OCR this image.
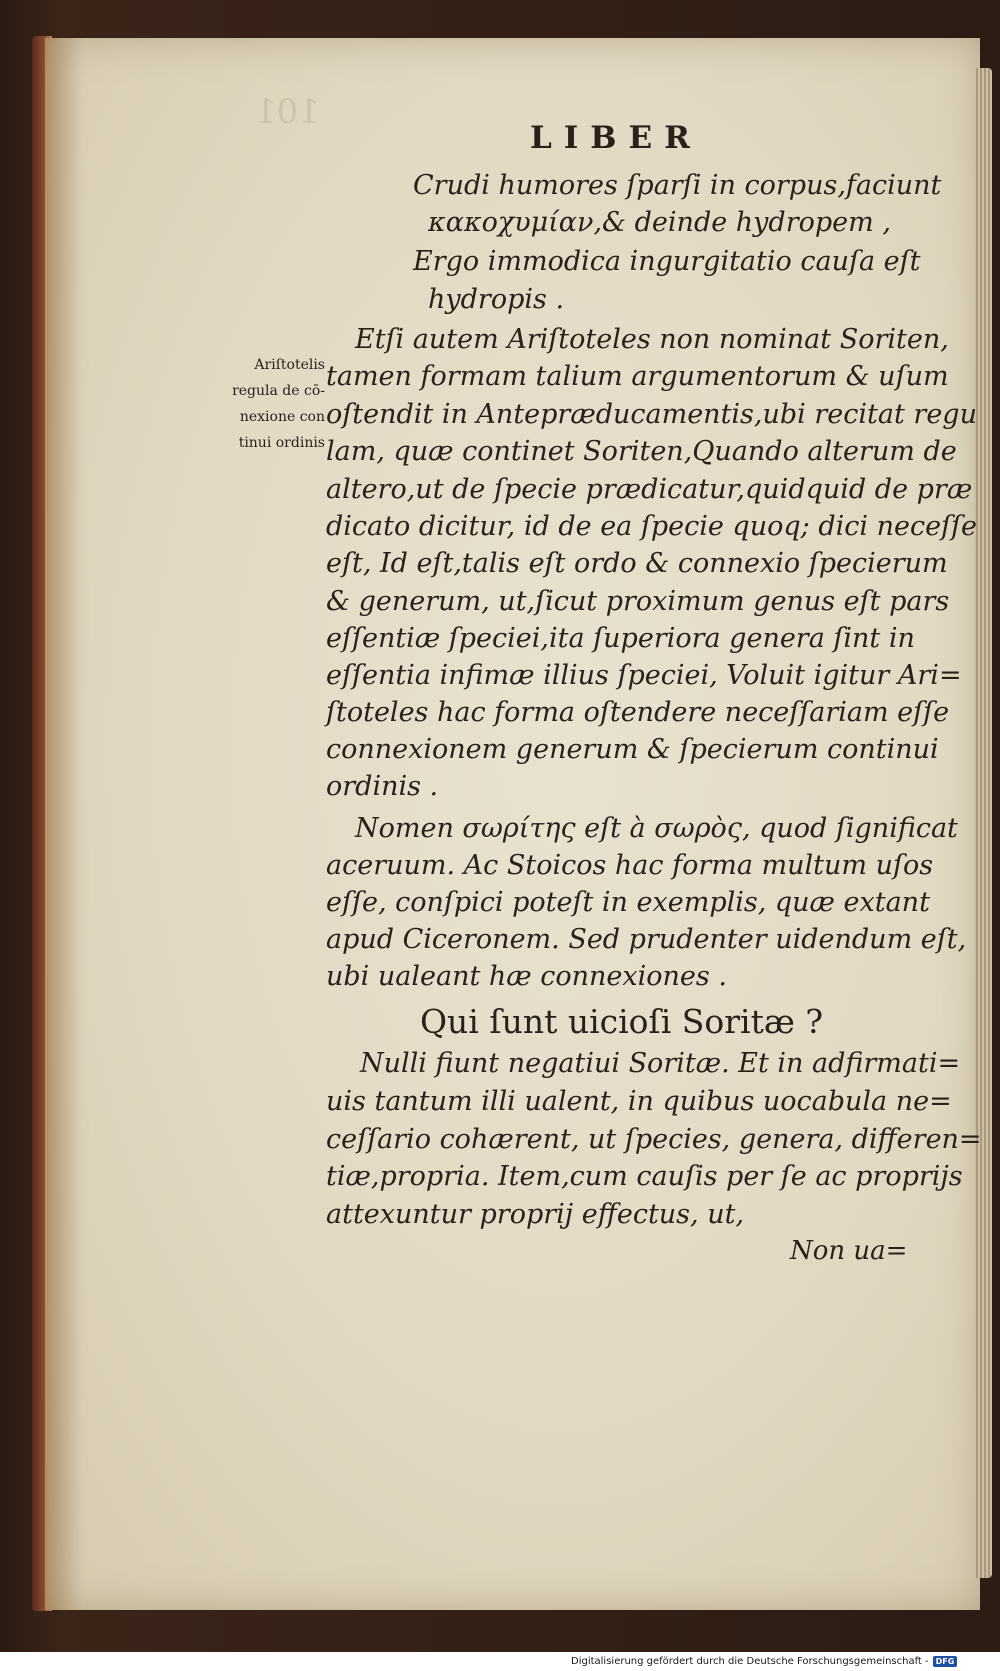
101
LIBER
Crudi humores ſparſi in corpus,faciunt
κακοχυμίαν,& deinde hydropem ,
Ergo immodica ingurgitatio cauſa eſt
hydropis .
Ariſtotelis
regula de cō-
nexione con
tinui ordinis
Etſi autem Ariſtoteles non nominat Soriten,
tamen formam talium argumentorum & uſum
oſtendit in Antepræducamentis,ubi recitat regu
lam, quæ continet Soriten,Quando alterum de
altero,ut de ſpecie prædicatur,quidquid de præ
dicato dicitur, id de ea ſpecie quoq; dici neceſſe
eſt, Id eſt,talis eſt ordo & connexio ſpecierum
& generum, ut,ſicut proximum genus eſt pars
eſſentiæ ſpeciei,ita ſuperiora genera ſint in
eſſentia infimæ illius ſpeciei, Voluit igitur Ari=
ſtoteles hac forma oſtendere neceſſariam eſſe
connexionem generum & ſpecierum continui
ordinis .
Nomen σωρίτης eſt à σωρὸς, quod ſignificat
aceruum. Ac Stoicos hac forma multum uſos
eſſe, conſpici poteſt in exemplis, quæ extant
apud Ciceronem. Sed prudenter uidendum eſt,
ubi ualeant hæ connexiones .
Qui ſunt uicioſi Soritæ ?
Nulli fiunt negatiui Soritæ. Et in adfirmati=
uis tantum illi ualent, in quibus uocabula ne=
ceſſario cohærent, ut ſpecies, genera, differen=
tiæ,propria. Item,cum cauſis per ſe ac proprijs
attexuntur proprij effectus, ut,
Non ua=
Digitalisierung gefördert durch die Deutsche Forschungsgemeinschaft - DFG
